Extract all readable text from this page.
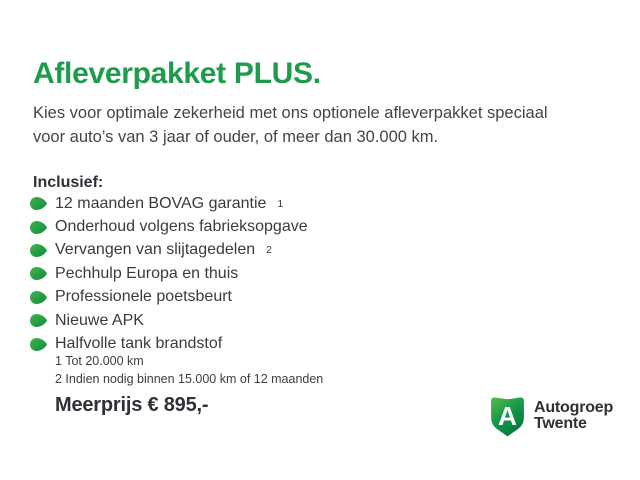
Afleverpakket PLUS.
Kies voor optimale zekerheid met ons optionele afleverpakket speciaal voor auto’s van 3 jaar of ouder, of meer dan 30.000 km.
Inclusief:
12 maanden BOVAG garantie 1
Onderhoud volgens fabrieksopgave
Vervangen van slijtagedelen 2
Pechhulp Europa en thuis
Professionele poetsbeurt
Nieuwe APK
Halfvolle tank brandstof
1 Tot 20.000 km
2 Indien nodig binnen 15.000 km of 12 maanden
Meerprijs € 895,-	A Autogroep
Twente
